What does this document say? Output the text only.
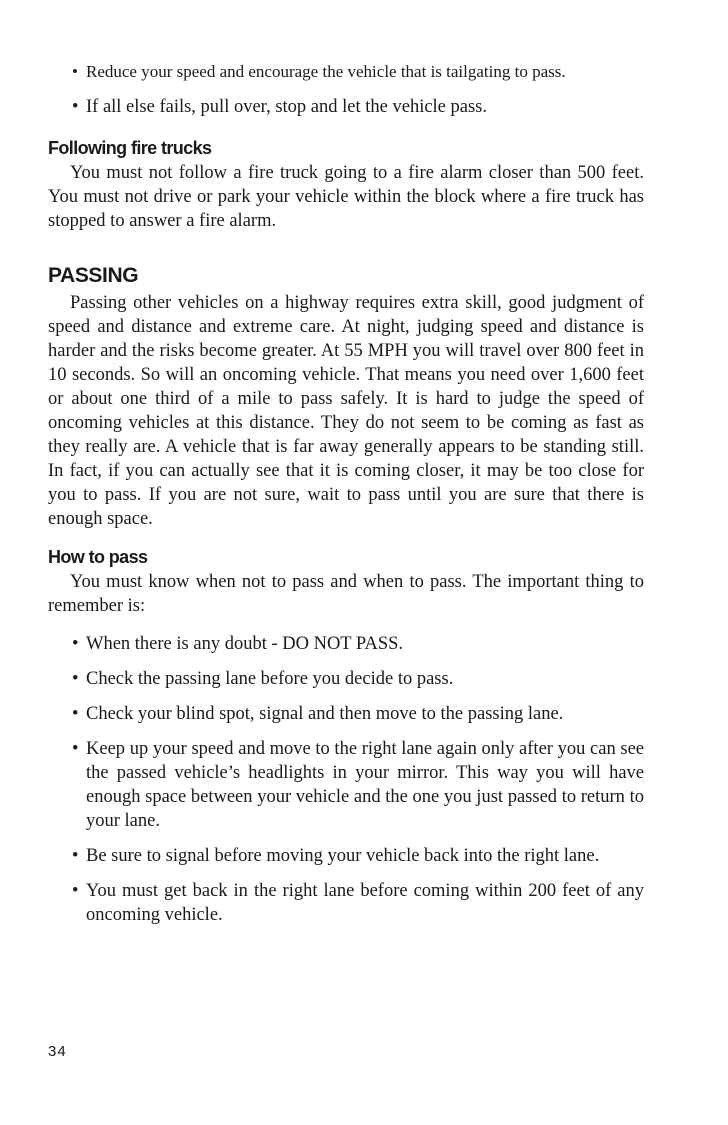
• Reduce your speed and encourage the vehicle that is tailgating to pass.
• If all else fails, pull over, stop and let the vehicle pass.
Following fire trucks

You must not follow a fire truck going to a fire alarm closer than 500 feet. You must not drive or park your vehicle within the block where a fire truck has stopped to answer a fire alarm.

PASSING

Passing other vehicles on a highway requires extra skill, good judgment of speed and distance and extreme care. At night, judging speed and distance is harder and the risks become greater. At 55 MPH you will travel over 800 feet in 10 seconds. So will an oncoming vehicle. That means you need over 1,600 feet or about one third of a mile to pass safely. It is hard to judge the speed of oncoming vehicles at this distance. They do not seem to be coming as fast as they really are. A vehicle that is far away generally appears to be standing still. In fact, if you can actually see that it is coming closer, it may be too close for you to pass. If you are not sure, wait to pass until you are sure that there is enough space.

How to pass

You must know when not to pass and when to pass. The important thing to remember is:

• When there is any doubt - DO NOT PASS.
• Check the passing lane before you decide to pass.
• Check your blind spot, signal and then move to the passing lane.
• Keep up your speed and move to the right lane again only after you can see the passed vehicle’s headlights in your mirror. This way you will have enough space between your vehicle and the one you just passed to return to your lane.
• Be sure to signal before moving your vehicle back into the right lane.
• You must get back in the right lane before coming within 200 feet of any oncoming vehicle.
34
